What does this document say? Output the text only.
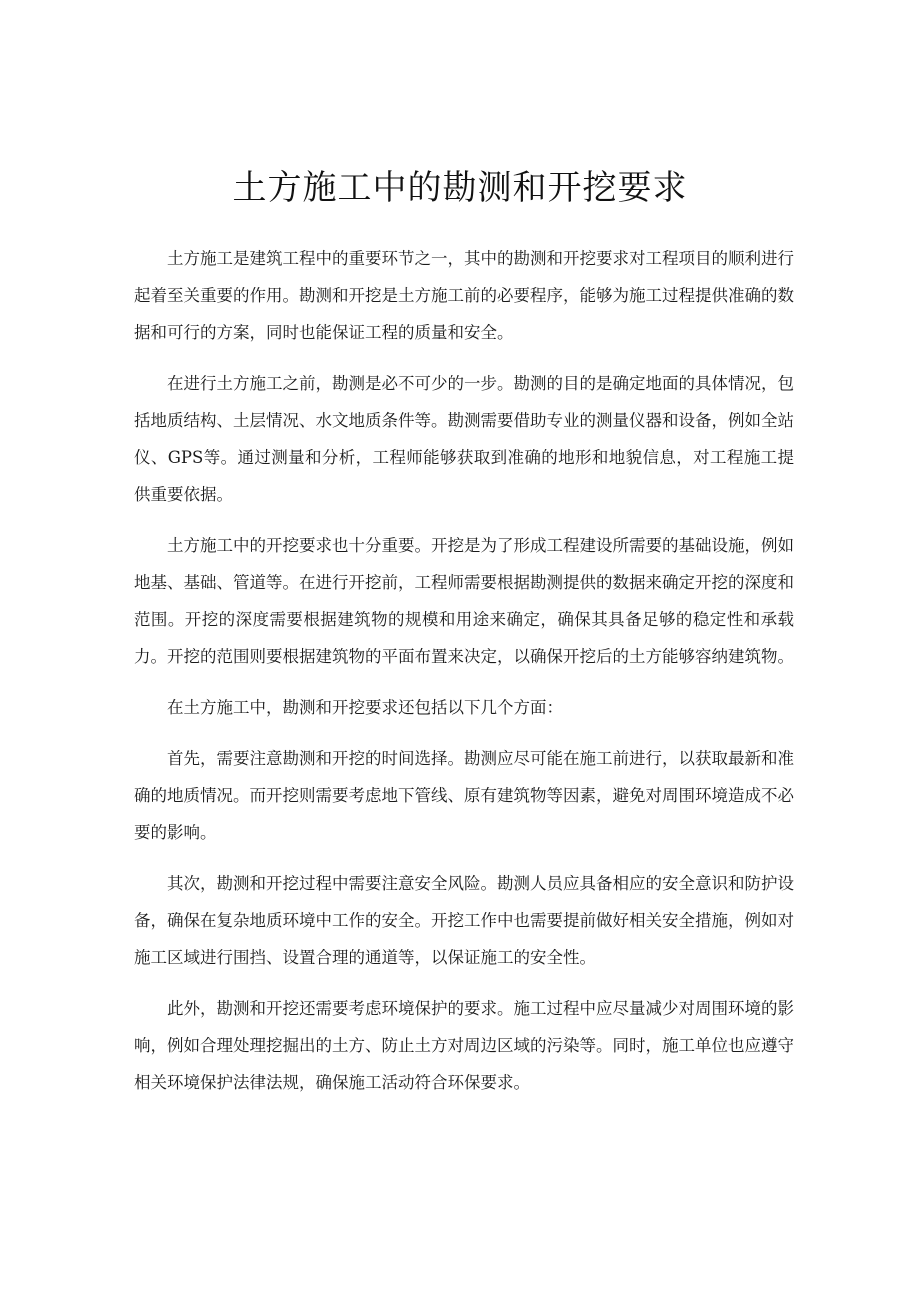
土方施工中的勘测和开挖要求

土方施工是建筑工程中的重要环节之一，其中的勘测和开挖要求对工程项目的顺利进行起着至关重要的作用。勘测和开挖是土方施工前的必要程序，能够为施工过程提供准确的数据和可行的方案，同时也能保证工程的质量和安全。

在进行土方施工之前，勘测是必不可少的一步。勘测的目的是确定地面的具体情况，包括地质结构、土层情况、水文地质条件等。勘测需要借助专业的测量仪器和设备，例如全站仪、GPS等。通过测量和分析，工程师能够获取到准确的地形和地貌信息，对工程施工提供重要依据。

土方施工中的开挖要求也十分重要。开挖是为了形成工程建设所需要的基础设施，例如地基、基础、管道等。在进行开挖前，工程师需要根据勘测提供的数据来确定开挖的深度和范围。开挖的深度需要根据建筑物的规模和用途来确定，确保其具备足够的稳定性和承载力。开挖的范围则要根据建筑物的平面布置来决定，以确保开挖后的土方能够容纳建筑物。

在土方施工中，勘测和开挖要求还包括以下几个方面：

首先，需要注意勘测和开挖的时间选择。勘测应尽可能在施工前进行，以获取最新和准确的地质情况。而开挖则需要考虑地下管线、原有建筑物等因素，避免对周围环境造成不必要的影响。

其次，勘测和开挖过程中需要注意安全风险。勘测人员应具备相应的安全意识和防护设备，确保在复杂地质环境中工作的安全。开挖工作中也需要提前做好相关安全措施，例如对施工区域进行围挡、设置合理的通道等，以保证施工的安全性。

此外，勘测和开挖还需要考虑环境保护的要求。施工过程中应尽量减少对周围环境的影响，例如合理处理挖掘出的土方、防止土方对周边区域的污染等。同时，施工单位也应遵守相关环境保护法律法规，确保施工活动符合环保要求。
